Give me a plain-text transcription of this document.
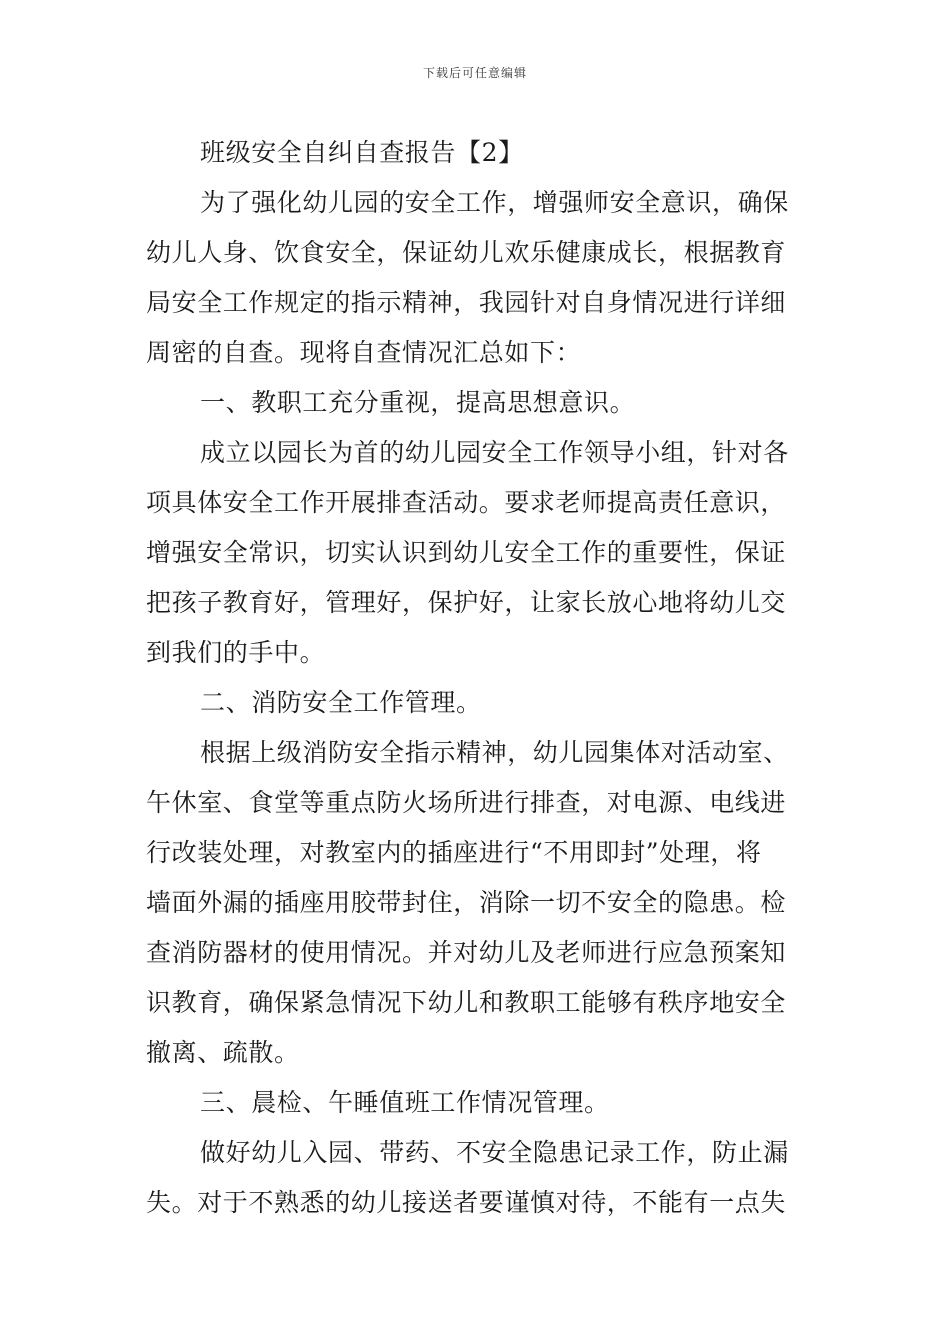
下载后可任意编辑
班级安全自纠自查报告【2】
为了强化幼儿园的安全工作，增强师安全意识，确保
幼儿人身、饮食安全，保证幼儿欢乐健康成长，根据教育
局安全工作规定的指示精神，我园针对自身情况进行详细
周密的自查。现将自查情况汇总如下：
一、教职工充分重视，提高思想意识。
成立以园长为首的幼儿园安全工作领导小组，针对各
项具体安全工作开展排查活动。要求老师提高责任意识，
增强安全常识，切实认识到幼儿安全工作的重要性，保证
把孩子教育好，管理好，保护好，让家长放心地将幼儿交
到我们的手中。
二、消防安全工作管理。
根据上级消防安全指示精神，幼儿园集体对活动室、
午休室、食堂等重点防火场所进行排查，对电源、电线进
行改装处理，对教室内的插座进行“不用即封”处理，将
墙面外漏的插座用胶带封住，消除一切不安全的隐患。检
查消防器材的使用情况。并对幼儿及老师进行应急预案知
识教育，确保紧急情况下幼儿和教职工能够有秩序地安全
撤离、疏散。
三、晨检、午睡值班工作情况管理。
做好幼儿入园、带药、不安全隐患记录工作，防止漏
失。对于不熟悉的幼儿接送者要谨慎对待，不能有一点失
